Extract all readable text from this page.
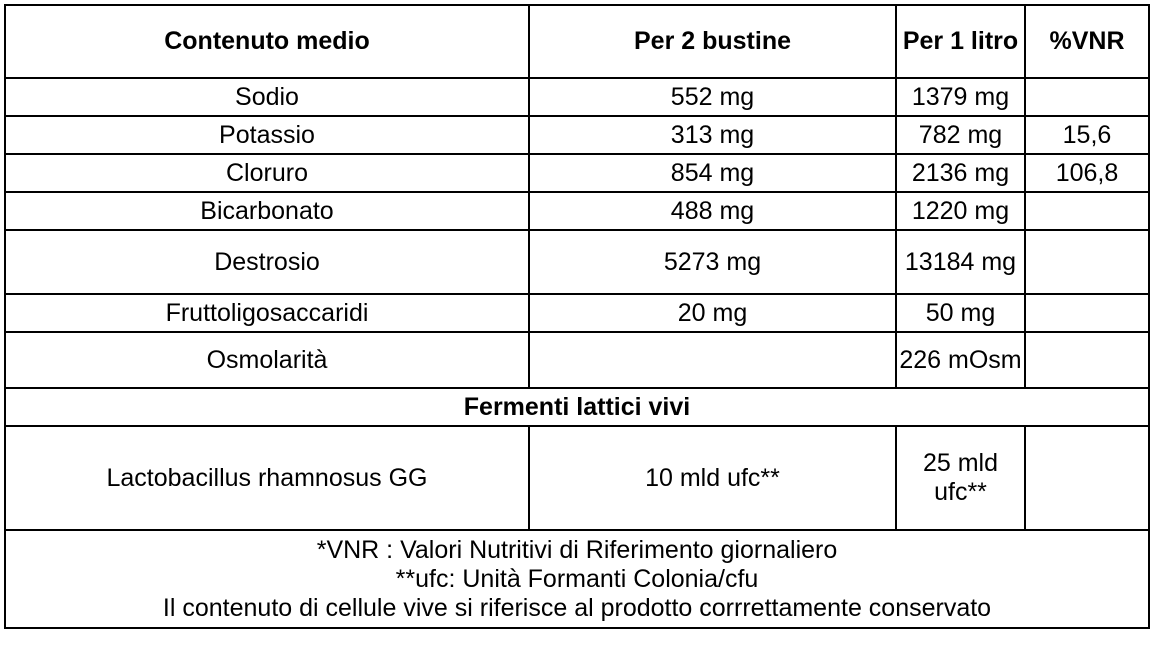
Contenuto medio	Per 2 bustine	Per 1 litro	%VNR
Sodio	552 mg	1379 mg	
Potassio	313 mg	782 mg	15,6
Cloruro	854 mg	2136 mg	106,8
Bicarbonato	488 mg	1220 mg	
Destrosio	5273 mg	13184 mg	
Fruttoligosaccaridi	20 mg	50 mg	
Osmolarità		226 mOsm	
Fermenti lattici vivi			
Lactobacillus rhamnosus GG	10 mld ufc**	25 mld ufc**	

*VNR : Valori Nutritivi di Riferimento giornaliero
**ufc: Unità Formanti Colonia/cfu
Il contenuto di cellule vive si riferisce al prodotto corrrettamente conservato			
